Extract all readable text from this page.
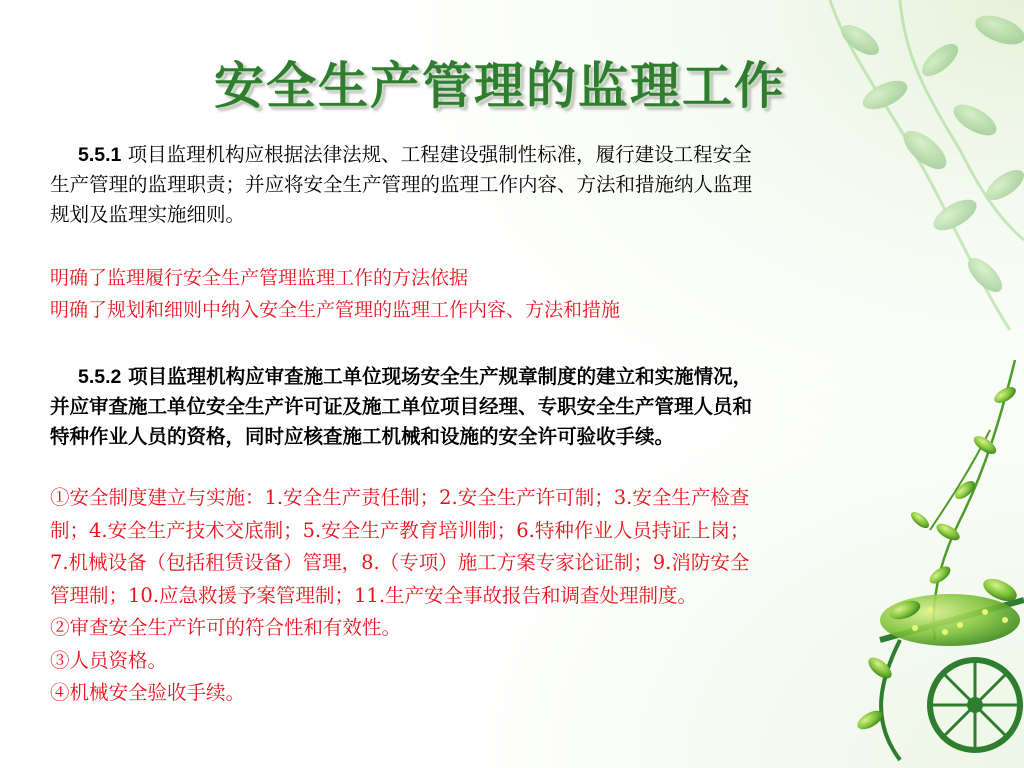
安全生产管理的监理工作
5.5.1 项目监理机构应根据法律法规、工程建设强制性标准，履行建设工程安全
生产管理的监理职责；并应将安全生产管理的监理工作内容、方法和措施纳人监理
规划及监理实施细则。
明确了监理履行安全生产管理监理工作的方法依据
明确了规划和细则中纳入安全生产管理的监理工作内容、方法和措施
5.5.2 项目监理机构应审查施工单位现场安全生产规章制度的建立和实施情况，
并应审查施工单位安全生产许可证及施工单位项目经理、专职安全生产管理人员和
特种作业人员的资格，同时应核查施工机械和设施的安全许可验收手续。
①安全制度建立与实施：1.安全生产责任制；2.安全生产许可制；3.安全生产检查
制；4.安全生产技术交底制；5.安全生产教育培训制；6.特种作业人员持证上岗；
7.机械设备（包括租赁设备）管理，8.（专项）施工方案专家论证制；9.消防安全
管理制；10.应急救援予案管理制；11.生产安全事故报告和调查处理制度。
②审查安全生产许可的符合性和有效性。
③人员资格。
④机械安全验收手续。
